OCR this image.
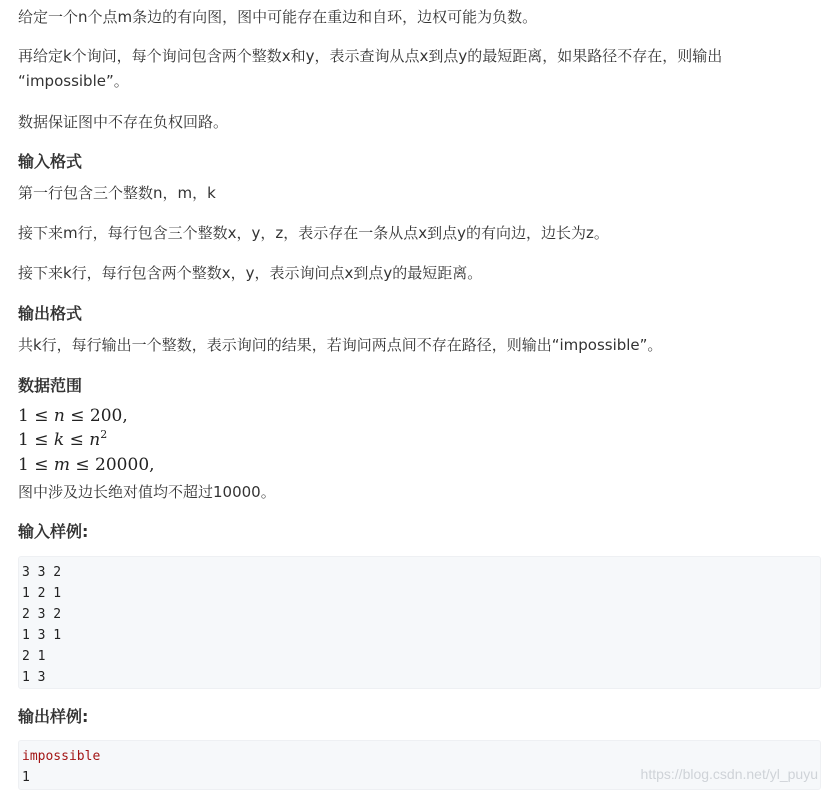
给定一个n个点m条边的有向图，图中可能存在重边和自环，边权可能为负数。

再给定k个询问，每个询问包含两个整数x和y，表示查询从点x到点y的最短距离，如果路径不存在，则输出

“impossible”。

数据保证图中不存在负权回路。

输入格式

第一行包含三个整数n，m，k

接下来m行，每行包含三个整数x，y，z，表示存在一条从点x到点y的有向边，边长为z。

接下来k行，每行包含两个整数x，y，表示询问点x到点y的最短距离。

输出格式

共k行，每行输出一个整数，表示询问的结果，若询问两点间不存在路径，则输出“impossible”。

数据范围
1 ≤ n ≤ 200,
$1 \le k \le n^2$
1 ≤ m ≤ 20000,

图中涉及边长绝对值均不超过10000。

输入样例:
3 3 2
1 2 1
2 3 2
1 3 1
2 1
1 3
输出样例:
impossible
1	https://blog.csdn.net/yl_puyu
